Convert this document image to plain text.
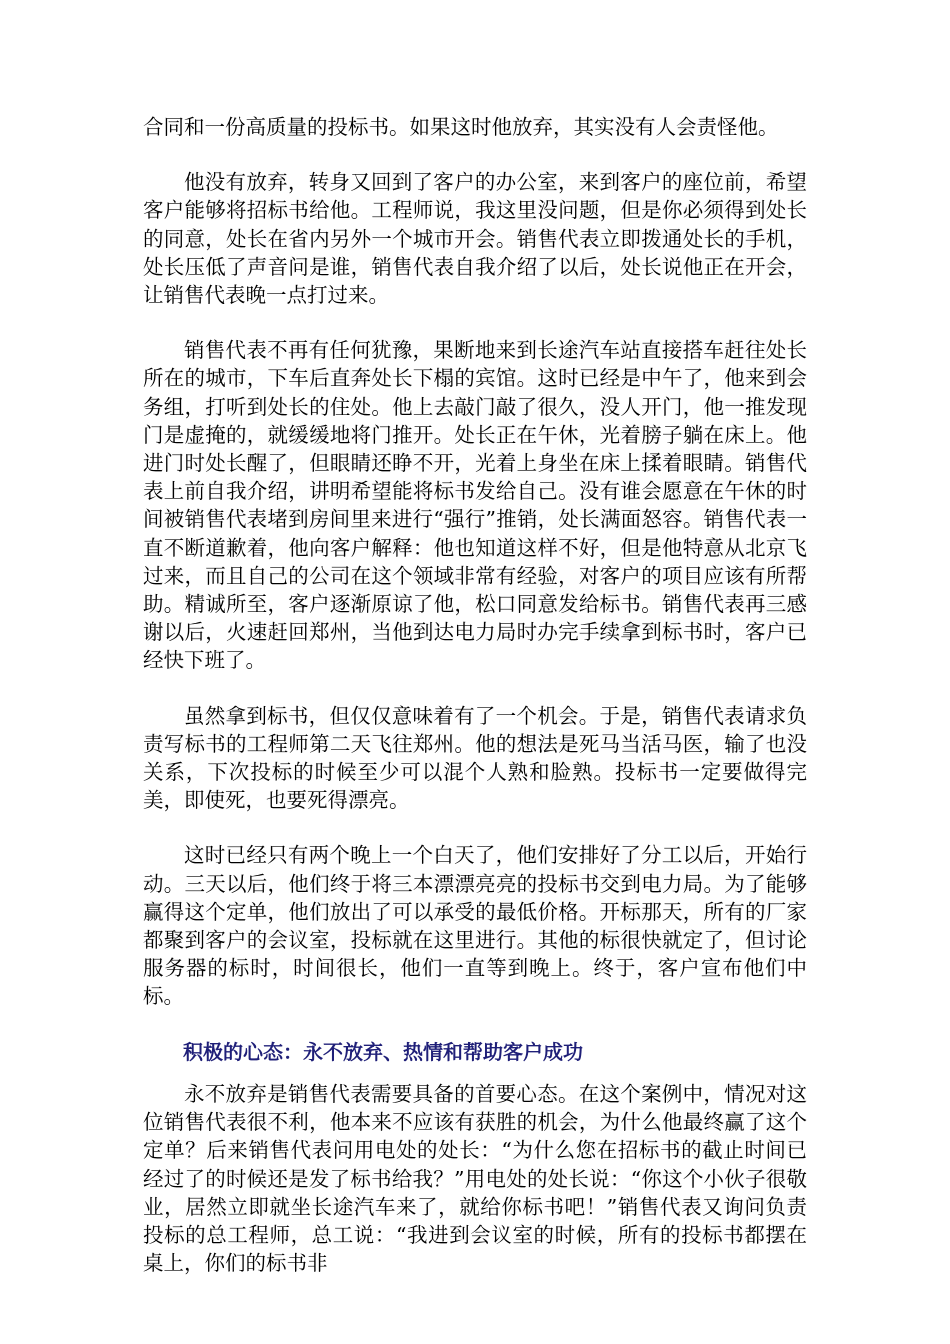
合同和一份高质量的投标书。如果这时他放弃，其实没有人会责怪他。

他没有放弃，转身又回到了客户的办公室，来到客户的座位前，希望客户能够将招标书给他。工程师说，我这里没问题，但是你必须得到处长的同意，处长在省内另外一个城市开会。销售代表立即拨通处长的手机，处长压低了声音问是谁，销售代表自我介绍了以后，处长说他正在开会，让销售代表晚一点打过来。

销售代表不再有任何犹豫，果断地来到长途汽车站直接搭车赶往处长所在的城市，下车后直奔处长下榻的宾馆。这时已经是中午了，他来到会务组，打听到处长的住处。他上去敲门敲了很久，没人开门，他一推发现门是虚掩的，就缓缓地将门推开。处长正在午休，光着膀子躺在床上。他进门时处长醒了，但眼睛还睁不开，光着上身坐在床上揉着眼睛。销售代表上前自我介绍，讲明希望能将标书发给自己。没有谁会愿意在午休的时间被销售代表堵到房间里来进行“强行”推销，处长满面怒容。销售代表一直不断道歉着，他向客户解释：他也知道这样不好，但是他特意从北京飞过来，而且自己的公司在这个领域非常有经验，对客户的项目应该有所帮助。精诚所至，客户逐渐原谅了他，松口同意发给标书。销售代表再三感谢以后，火速赶回郑州，当他到达电力局时办完手续拿到标书时，客户已经快下班了。

虽然拿到标书，但仅仅意味着有了一个机会。于是，销售代表请求负责写标书的工程师第二天飞往郑州。他的想法是死马当活马医，输了也没关系，下次投标的时候至少可以混个人熟和脸熟。投标书一定要做得完美，即使死，也要死得漂亮。

这时已经只有两个晚上一个白天了，他们安排好了分工以后，开始行动。三天以后，他们终于将三本漂漂亮亮的投标书交到电力局。为了能够赢得这个定单，他们放出了可以承受的最低价格。开标那天，所有的厂家都聚到客户的会议室，投标就在这里进行。其他的标很快就定了，但讨论服务器的标时，时间很长，他们一直等到晚上。终于，客户宣布他们中标。

积极的心态：永不放弃、热情和帮助客户成功

永不放弃是销售代表需要具备的首要心态。在这个案例中，情况对这位销售代表很不利，他本来不应该有获胜的机会，为什么他最终赢了这个定单？后来销售代表问用电处的处长：“为什么您在招标书的截止时间已经过了的时候还是发了标书给我？”用电处的处长说：“你这个小伙子很敬业，居然立即就坐长途汽车来了，就给你标书吧！”销售代表又询问负责投标的总工程师，总工说：“我进到会议室的时候，所有的投标书都摆在桌上，你们的标书非
